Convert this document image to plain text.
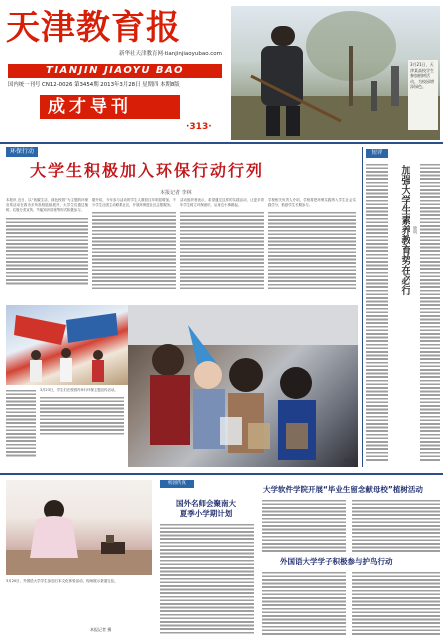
天津教育报
新华社天津教育网·tianjinjiaoyubao.com
TIANJIN JIAOYU BAO
国内统一刊号 CN12-0026 第3454期 2013年3月28日 星期四 本期8版
成才导刊
·313·
3月21日，天津某高校学生参加植树活动，为校园增添绿色。
环保行动
大学生积极加入环保行动行列
本报记者 李林
本报讯 近日，以“低碳生活、绿色校园”为主题的环保宣传活动在我市多所高校陆续展开，大学生们通过植树、垃圾分类宣传、节能知识讲座等形式积极参与。
据介绍，今年参与活动的学生人数较往年明显增加，不少学生社团主动联系社区，开展环保进社区志愿服务。
活动组织者表示，希望通过这样的实践活动，让更多青年学生树立环保意识，从身边小事做起。
学校相关负责人介绍，学校将把环保实践纳入学生社会实践学分，鼓励学生长期参与。
短评
加强大学生素养教育势在必行 晓明
3月23日，学生们在校园内举行环保主题宣传活动。
李林 摄
3月20日，外国语大学学生参加日本文化体验活动，现场展示茶道礼仪。
本报记者 摄
校园传真
国外名师会聚南大
夏季小学期计划
大学软件学院开展“毕业生留念献母校”植树活动
外国语大学学子积极参与护鸟行动
